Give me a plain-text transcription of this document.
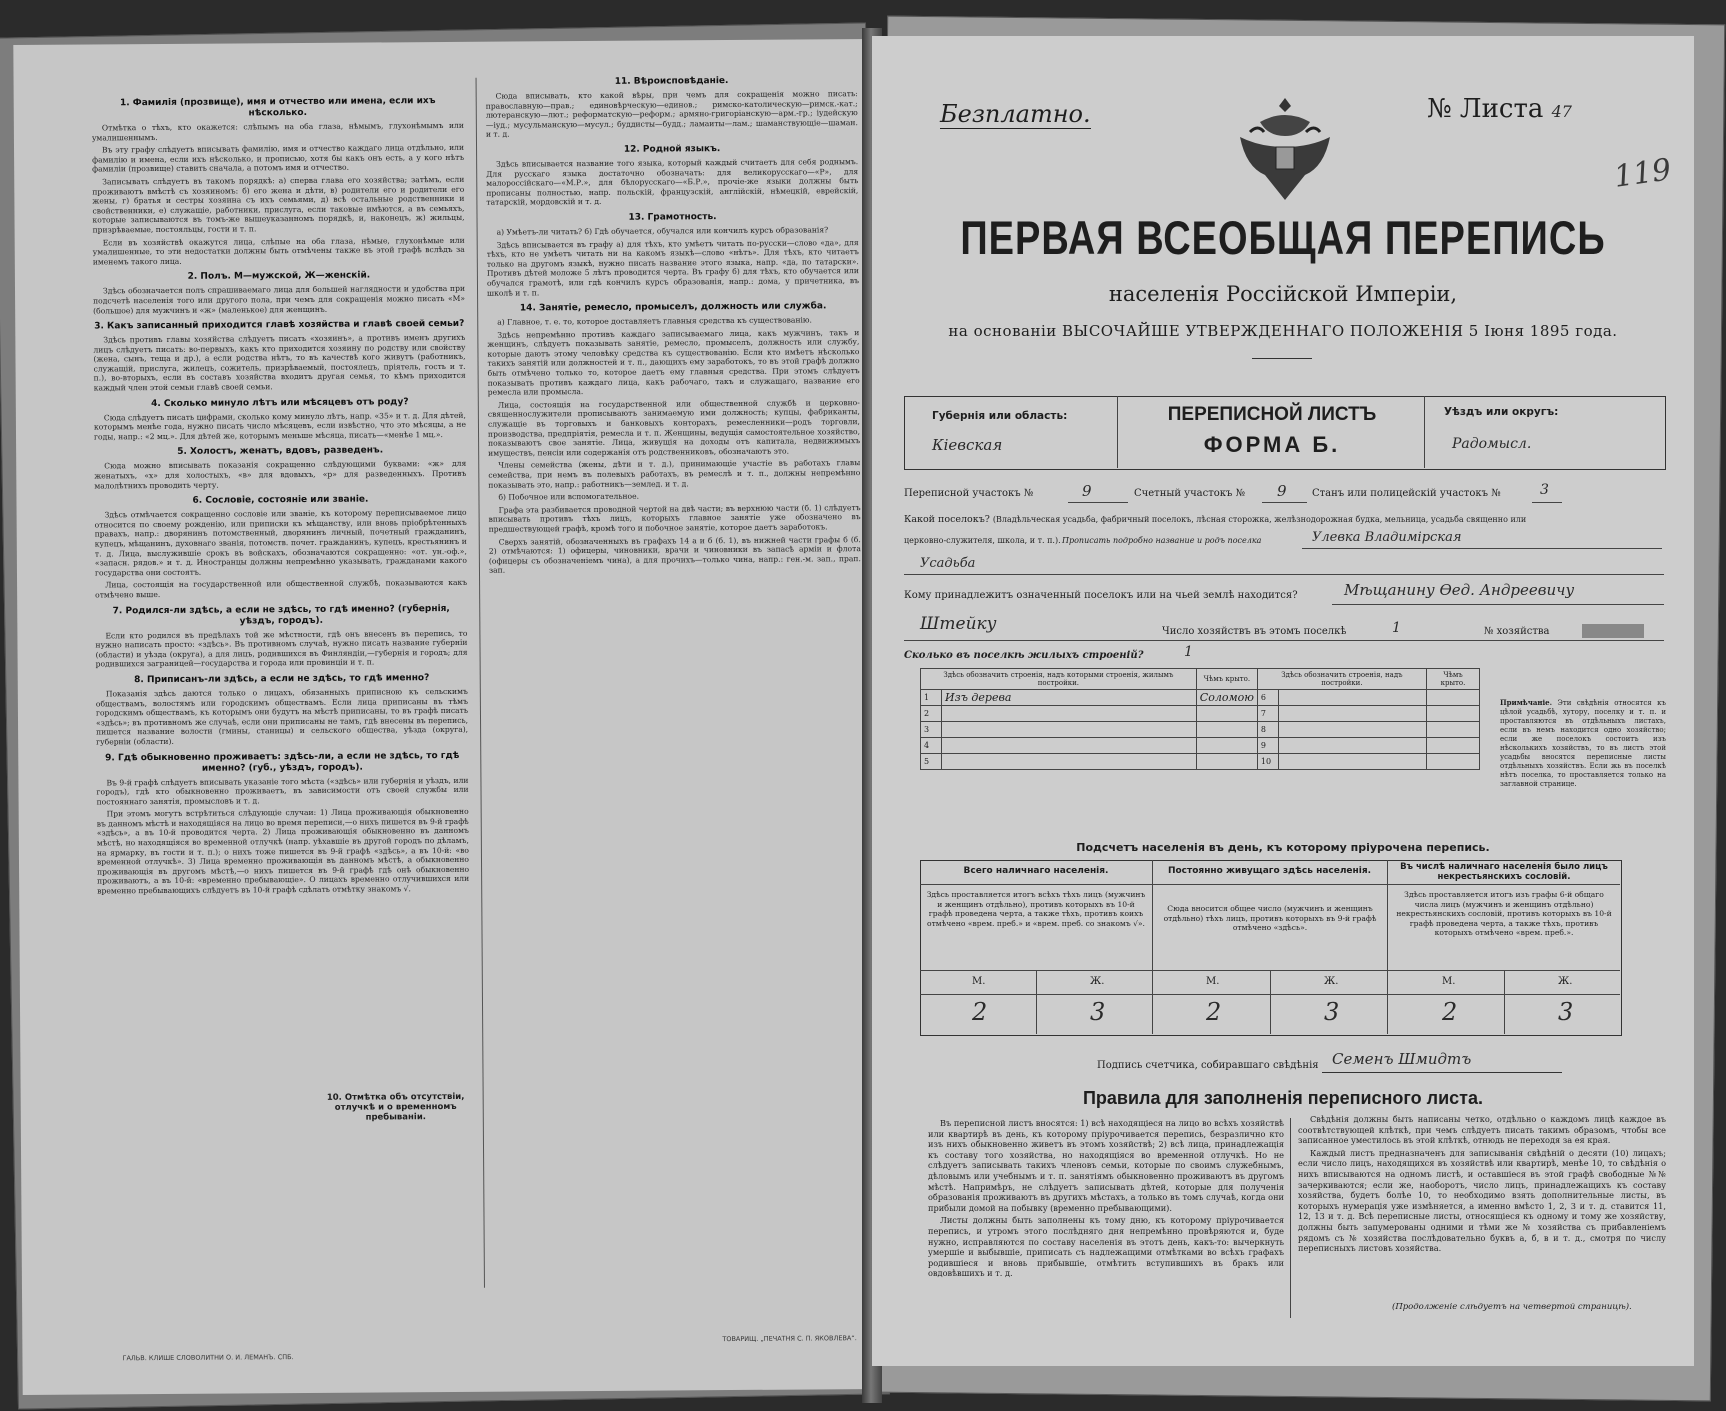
1. Фамилія (прозвище), имя и отчество или имена, если ихъ нѣсколько.

Отмѣтка о тѣхъ, кто окажется: слѣпымъ на оба глаза, нѣмымъ, глухонѣмымъ или умалишеннымъ.

Въ эту графу слѣдуетъ вписывать фамилію, имя и отчество каждаго лица отдѣльно, или фамилію и имена, если ихъ нѣсколько, и прописью, хотя бы какъ онъ есть, а у кого нѣтъ фамиліи (прозвище) ставить сначала, а потомъ имя и отчество.

Записывать слѣдуетъ въ такомъ порядкѣ: а) сперва глава его хозяйства; затѣмъ, если проживаютъ вмѣстѣ съ хозяиномъ: б) его жена и дѣти, в) родители его и родители его жены, г) братья и сестры хозяина съ ихъ семьями, д) всѣ остальные родственники и свойственники, е) служащіе, работники, прислуга, если таковые имѣются, а въ семьяхъ, которые записываются въ томъ-же вышеуказанномъ порядкѣ, и, наконецъ, ж) жильцы, призрѣваемые, постояльцы, гости и т. п.

Если въ хозяйствѣ окажутся лица, слѣпые на оба глаза, нѣмые, глухонѣмые или умалишенные, то эти недостатки должны быть отмѣчены также въ этой графѣ вслѣдъ за именемъ такого лица.

2. Полъ. М—мужской, Ж—женскій.

Здѣсь обозначается полъ спрашиваемаго лица для большей наглядности и удобства при подсчетѣ населенія того или другого пола, при чемъ для сокращенія можно писать «М» (большое) для мужчинъ и «ж» (маленькое) для женщинъ.

3. Какъ записанный приходится главѣ хозяйства и главѣ своей семьи?

Здѣсь противъ главы хозяйства слѣдуетъ писать «хозяинъ», а противъ именъ другихъ лицъ слѣдуетъ писать: во-первыхъ, какъ кто приходится хозяину по родству или свойству (жена, сынъ, теща и др.), а если родства нѣтъ, то въ качествѣ кого живутъ (работникъ, служащій, прислуга, жилецъ, сожитель, призрѣваемый, постоялецъ, пріятель, гость и т. п.), во-вторыхъ, если въ составъ хозяйства входитъ другая семья, то кѣмъ приходится каждый член этой семьи главѣ своей семьи.

4. Сколько минуло лѣтъ или мѣсяцевъ отъ роду?

Сюда слѣдуетъ писать цифрами, сколько кому минуло лѣтъ, напр. «35» и т. д. Для дѣтей, которымъ менѣе года, нужно писать число мѣсяцевъ, если извѣстно, что это мѣсяцы, а не годы, напр.: «2 мц.». Для дѣтей же, которымъ меньше мѣсяца, писать—«менѣе 1 мц.».

5. Холостъ, женатъ, вдовъ, разведенъ.

Сюда можно вписывать показанія сокращенно слѣдующими буквами: «ж» для женатыхъ, «х» для холостыхъ, «в» для вдовыхъ, «р» для разведенныхъ. Противъ малолѣтнихъ проводить черту.

6. Сословіе, состояніе или званіе.

Здѣсь отмѣчается сокращенно сословіе или званіе, къ которому переписываемое лицо относится по своему рожденію, или приписки къ мѣщанству, или вновь пріобрѣтенныхъ правахъ, напр.: дворянинъ потомственный, дворянинъ личный, почетный гражданинъ, купецъ, мѣщанинъ, духовнаго званія, потомств. почет. гражданинъ, купецъ, крестьянинъ и т. д. Лица, выслужившіе срокъ въ войскахъ, обозначаются сокращенно: «от. ун.-оф.», «запасн. рядов.» и т. д. Иностранцы должны непремѣнно указывать, гражданами какого государства они состоятъ.

Лица, состоящія на государственной или общественной службѣ, показываются какъ отмѣчено выше.

7. Родился-ли здѣсь, а если не здѣсь, то гдѣ именно? (губернія, уѣздъ, городъ).

Если кто родился въ предѣлахъ той же мѣстности, гдѣ онъ внесенъ въ перепись, то нужно написать просто: «здѣсь». Въ противномъ случаѣ, нужно писать название губерніи (области) и уѣзда (округа), а для лицъ, родившихся въ Финляндіи,—губернія и городъ; для родившихся заграницей—государства и города или провинціи и т. п.

8. Приписанъ-ли здѣсь, а если не здѣсь, то гдѣ именно?

Показанія здѣсь даются только о лицахъ, обязанныхъ приписною къ сельскимъ обществамъ, волостямъ или городскимъ обществамъ. Если лица приписаны въ тѣмъ городскимъ обществамъ, къ которымъ они будутъ на мѣстѣ приписаны, то въ графѣ писать «здѣсь»; въ противномъ же случаѣ, если они приписаны не тамъ, гдѣ внесены въ перепись, пишется название волости (гмины, станицы) и сельского общества, уѣзда (округа), губерніи (области).

9. Гдѣ обыкновенно проживаетъ: здѣсь-ли, а если не здѣсь, то гдѣ именно? (губ., уѣздъ, городъ).

Въ 9-й графѣ слѣдуетъ вписывать указаніе того мѣста («здѣсь» или губернія и уѣздъ, или городъ), гдѣ кто обыкновенно проживаетъ, въ зависимости отъ своей службы или постояннаго занятія, промысловъ и т. д.

При этомъ могутъ встрѣтиться слѣдующіе случаи: 1) Лица проживающія обыкновенно въ данномъ мѣстѣ и находящіяся на лицо во время переписи,—о нихъ пишется въ 9-й графѣ «здѣсь», а въ 10-й проводится черта. 2) Лица проживающія обыкновенно въ данномъ мѣстѣ, но находящіяся во временной отлучкѣ (напр. уѣхавшіе въ другой городъ по дѣламъ, на ярмарку, въ гости и т. п.); о нихъ тоже пишется въ 9-й графѣ «здѣсь», а въ 10-й: «во временной отлучкѣ». 3) Лица временно проживающія въ данномъ мѣстѣ, а обыкновенно проживающія въ другомъ мѣстѣ,—о нихъ пишется въ 9-й графѣ гдѣ онѣ обыкновенно проживаютъ, а въ 10-й: «временно пребывающіе». О лицахъ временно отлучившихся или временно пребывающихъ слѣдуетъ въ 10-й графѣ сдѣлать отмѣтку знакомъ √.

11. Вѣроисповѣданіе.

Сюда вписывать, кто какой вѣры, при чемъ для сокращенія можно писать: православную—прав.; единовѣрческую—единов.; римско-католическую—римск.-кат.; лютеранскую—лют.; реформатскую—реформ.; армяно-григоріанскую—арм.-гр.; іудейскую—іуд.; мусульманскую—мусул.; буддисты—будд.; ламаиты—лам.; шаманствующіе—шаман. и т. д.

12. Родной языкъ.

Здѣсь вписывается название того языка, который каждый считаетъ для себя роднымъ. Для русскаго языка достаточно обозначать: для великорусскаго—«Р», для малороссійскаго—«М.Р.», для бѣлорусскаго—«Б.Р.», прочіе-же языки должны быть прописаны полностью, напр. польскій, французскій, англійскій, нѣмецкій, еврейскій, татарскій, мордовскій и т. д.

13. Грамотность.

а) Умѣетъ-ли читать? б) Гдѣ обучается, обучался или кончилъ курсъ образованія?

Здѣсь вписывается въ графу а) для тѣхъ, кто умѣетъ читать по-русски—слово «да», для тѣхъ, кто не умѣетъ читать ни на какомъ языкѣ—слово «нѣтъ». Для тѣхъ, кто читаетъ только на другомъ языкѣ, нужно писать название этого языка, напр. «да, по татарски». Противъ дѣтей моложе 5 лѣтъ проводится черта. Въ графу б) для тѣхъ, кто обучается или обучался грамотѣ, или гдѣ кончилъ курсъ образованія, напр.: дома, у причетника, въ школѣ и т. п.

14. Занятіе, ремесло, промыселъ, должность или служба.

а) Главное, т. е. то, которое доставляетъ главныя средства къ существованію.

Здѣсь непремѣнно противъ каждаго записываемаго лица, какъ мужчинъ, такъ и женщинъ, слѣдуетъ показывать занятіе, ремесло, промыселъ, должность или службу, которые даютъ этому человѣку средства къ существованію. Если кто имѣетъ нѣсколько такихъ занятій или должностей и т. п., дающихъ ему заработокъ, то въ этой графѣ должно быть отмѣчено только то, которое даетъ ему главныя средства. При этомъ слѣдуетъ показывать противъ каждаго лица, какъ рабочаго, такъ и служащаго, название его ремесла или промысла.

Лица, состоящія на государственной или общественной службѣ и церковно-священнослужители прописываютъ занимаемую ими должность; купцы, фабриканты, служащіе въ торговыхъ и банковыхъ конторахъ, ремесленники—родъ торговли, производства, предпріятія, ремесла и т. п. Женщины, ведущія самостоятельное хозяйство, показываютъ свое занятіе. Лица, живущія на доходы отъ капитала, недвижимыхъ имуществъ, пенсіи или содержанія отъ родственниковъ, обозначаютъ это.

Члены семейства (жены, дѣти и т. д.), принимающіе участіе въ работахъ главы семейства, при немъ въ полевыхъ работахъ, въ ремеслѣ и т. п., должны непремѣнно показывать это, напр.: работникъ—землед. и т. д.

б) Побочное или вспомогательное.

Графа эта разбивается проводной чертой на двѣ части; въ верхнюю части (б. 1) слѣдуетъ вписывать противъ тѣхъ лицъ, которыхъ главное занятіе уже обозначено въ предшествующей графѣ, кромѣ того и побочное занятіе, которое даетъ заработокъ.

Сверхъ занятій, обозначенныхъ въ графахъ 14 а и б (б. 1), въ нижней части графы б (б. 2) отмѣчаются: 1) офицеры, чиновники, врачи и чиновники въ запасѣ арміи и флота (офицеры съ обозначеніемъ чина), а для прочихъ—только чина, напр.: ген.-м. зап., прап. зап.

10. Отмѣтка объ отсутствіи, отлучкѣ и о временномъ пребываніи.
ГАЛЬВ. КЛИШЕ СЛОВОЛИТНИ О. И. ЛЕМАНЪ. СПБ.
ТОВАРИЩ. „ПЕЧАТНЯ С. П. ЯКОВЛЕВА“.
Безплатно.	№ Листа 47
119
ПЕРВАЯ ВСЕОБЩАЯ ПЕРЕПИСЬ
населенія Россійской Имперіи,
на основаніи ВЫСОЧАЙШЕ УТВЕРЖДЕННАГО ПОЛОЖЕНІЯ 5 Іюня 1895 года.
Губернія или область:
Кіевская
ПЕРЕПИСНОЙ ЛИСТЪ
ФОРМА Б.
Уѣздъ или округъ:
Радомысл.
Переписной участокъ №	9	Счетный участокъ № 9	Станъ или полицейскій участокъ №	3
Какой поселокъ? (Владѣльческая усадьба, фабричный поселокъ, лѣсная сторожка, желѣзнодорожная будка, мельница, усадьба священно или
церковно-служителя, школа, и т. п.). Прописать подробно название и родъ поселка	Улевка Владимірская
Усадьба
Кому принадлежитъ означенный поселокъ или на чьей землѣ находится?	Мѣщанину Ѳед. Андреевичу
Штейку	Число хозяйствъ въ этомъ поселкѣ	1	№ хозяйства
Сколько въ поселкѣ жилыхъ строеній?	1
Здѣсь обозначить строенія, надъ которыми строенія, жилымъ постройки.		Чѣмъ крыто.	Здѣсь обозначить строенія, надъ постройки.		Чѣмъ крыто.
1	Изъ дерева	Соломою	6		
2			7		
3			8		
4			9		
5			10		
Примѣчаніе. Эти свѣдѣнія относятся къ цѣлой усадьбѣ, хутору, поселку и т. п. и проставляются въ отдѣльныхъ листахъ, если въ немъ находится одно хозяйство; если же поселокъ состоитъ изъ нѣсколькихъ хозяйствъ, то въ листъ этой усадьбы вносятся переписные листы отдѣльныхъ хозяйствъ. Если жь въ поселкѣ нѣтъ поселка, то проставляется только на заглавной странице.
Подсчетъ населенія въ день, къ которому пріурочена перепись.
Всего наличнаго населенія.	Постоянно живущаго здѣсь населенія.	Въ числѣ наличнаго населенія было лицъ некрестьянскихъ сословій.
Здѣсь проставляется итогъ всѣхъ тѣхъ лицъ (мужчинъ и женщинъ отдѣльно), противъ которыхъ въ 10-й графѣ проведена черта, а также тѣхъ, противъ коихъ отмѣчено «врем. преб.» и «врем. преб. со знакомъ √».
Сюда вносится общее число (мужчинъ и женщинъ отдѣльно) тѣхъ лицъ, противъ которыхъ въ 9-й графѣ отмѣчено «здѣсь».
Здѣсь проставляется итогъ изъ графы 6-й общаго числа лицъ (мужчинъ и женщинъ отдѣльно) некрестьянскихъ сословій, противъ которыхъ въ 10-й графѣ проведена черта, а также тѣхъ, противъ которыхъ отмѣчено «врем. преб.».
М.	Ж.	М.	Ж.	М.	Ж.
2	3	2	3	2	3
Подпись счетчика, собиравшаго свѣдѣнія Семенъ Шмидтъ
Правила для заполненія переписного листа.

Въ переписной листъ вносятся: 1) всѣ находящіеся на лицо во всѣхъ хозяйствѣ или квартирѣ въ день, къ которому пріурочивается перепись, безразлично кто изъ нихъ обыкновенно живетъ въ этомъ хозяйствѣ; 2) всѣ лица, принадлежащія къ составу того хозяйства, но находящіяся во временной отлучкѣ. Но не слѣдуетъ записывать такихъ членовъ семьи, которые по своимъ служебнымъ, дѣловымъ или учебнымъ и т. п. занятіямъ обыкновенно проживаютъ въ другомъ мѣстѣ. Напримѣръ, не слѣдуетъ записывать дѣтей, которые для полученія образованія проживаютъ въ другихъ мѣстахъ, а только въ томъ случаѣ, когда они прибыли домой на побывку (временно пребывающими).

Листы должны быть заполнены къ тому дню, къ которому пріурочивается перепись, и утромъ этого послѣдняго дня непремѣнно провѣряются и, буде нужно, исправляются по составу населенія въ этотъ день, какъ-то: вычеркнуть умершіе и выбывшіе, приписать съ надлежащими отмѣтками во всѣхъ графахъ родившіеся и вновь прибывшіе, отмѣтить вступившихъ въ бракъ или овдовѣвшихъ и т. д.

Свѣдѣнія должны быть написаны четко, отдѣльно о каждомъ лицѣ каждое въ соотвѣтствующей клѣткѣ, при чемъ слѣдуетъ писать такимъ образомъ, чтобы все записанное уместилось въ этой клѣткѣ, отнюдь не переходя за ея края.

Каждый листъ предназначенъ для записыванія свѣдѣній о десяти (10) лицахъ; если число лицъ, находящихся въ хозяйствѣ или квартирѣ, менѣе 10, то свѣдѣнія о нихъ вписываются на одномъ листѣ, и оставшіеся въ этой графѣ свободные №№ зачеркиваются; если же, наоборотъ, число лицъ, принадлежащихъ къ составу хозяйства, будетъ болѣе 10, то необходимо взять дополнительные листы, въ которыхъ нумерація уже измѣняется, а именно вмѣсто 1, 2, 3 и т. д. ставится 11, 12, 13 и т. д. Всѣ переписные листы, относящіеся къ одному и тому же хозяйству, должны быть запумерованы одними и тѣми же № хозяйства съ прибавленіемъ рядомъ съ № хозяйства послѣдовательно буквъ а, б, в и т. д., смотря по числу переписныхъ листовъ хозяйства.

(Продолженіе слѣдуетъ на четвертой страницѣ).
